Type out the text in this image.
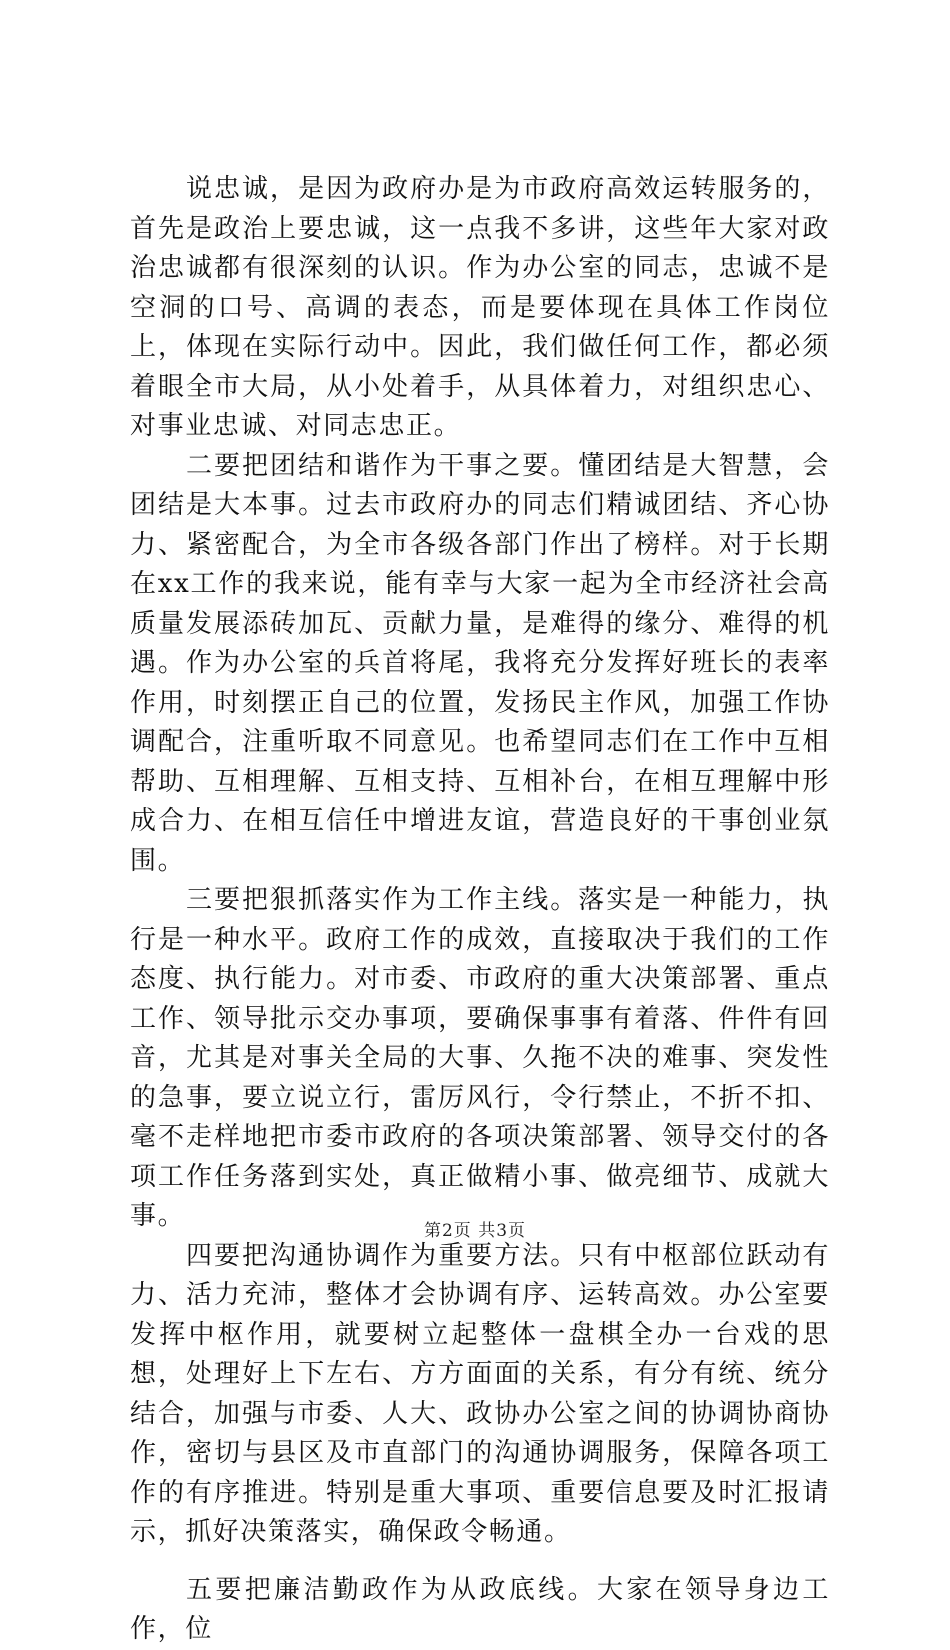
说忠诚，是因为政府办是为市政府高效运转服务的，首先是政治上要忠诚，这一点我不多讲，这些年大家对政治忠诚都有很深刻的认识。作为办公室的同志，忠诚不是空洞的口号、高调的表态，而是要体现在具体工作岗位上，体现在实际行动中。因此，我们做任何工作，都必须着眼全市大局，从小处着手，从具体着力，对组织忠心、对事业忠诚、对同志忠正。

二要把团结和谐作为干事之要。懂团结是大智慧，会团结是大本事。过去市政府办的同志们精诚团结、齐心协力、紧密配合，为全市各级各部门作出了榜样。对于长期在xx工作的我来说，能有幸与大家一起为全市经济社会高质量发展添砖加瓦、贡献力量，是难得的缘分、难得的机遇。作为办公室的兵首将尾，我将充分发挥好班长的表率作用，时刻摆正自己的位置，发扬民主作风，加强工作协调配合，注重听取不同意见。也希望同志们在工作中互相帮助、互相理解、互相支持、互相补台，在相互理解中形成合力、在相互信任中增进友谊，营造良好的干事创业氛围。

三要把狠抓落实作为工作主线。落实是一种能力，执行是一种水平。政府工作的成效，直接取决于我们的工作态度、执行能力。对市委、市政府的重大决策部署、重点工作、领导批示交办事项，要确保事事有着落、件件有回音，尤其是对事关全局的大事、久拖不决的难事、突发性的急事，要立说立行，雷厉风行，令行禁止，不折不扣、毫不走样地把市委市政府的各项决策部署、领导交付的各项工作任务落到实处，真正做精小事、做亮细节、成就大事。

四要把沟通协调作为重要方法。只有中枢部位跃动有力、活力充沛，整体才会协调有序、运转高效。办公室要发挥中枢作用，就要树立起整体一盘棋全办一台戏的思想，处理好上下左右、方方面面的关系，有分有统、统分结合，加强与市委、人大、政协办公室之间的协调协商协作，密切与县区及市直部门的沟通协调服务，保障各项工作的有序推进。特别是重大事项、重要信息要及时汇报请示，抓好决策落实，确保政令畅通。

五要把廉洁勤政作为从政底线。大家在领导身边工作，位

第2页 共3页
